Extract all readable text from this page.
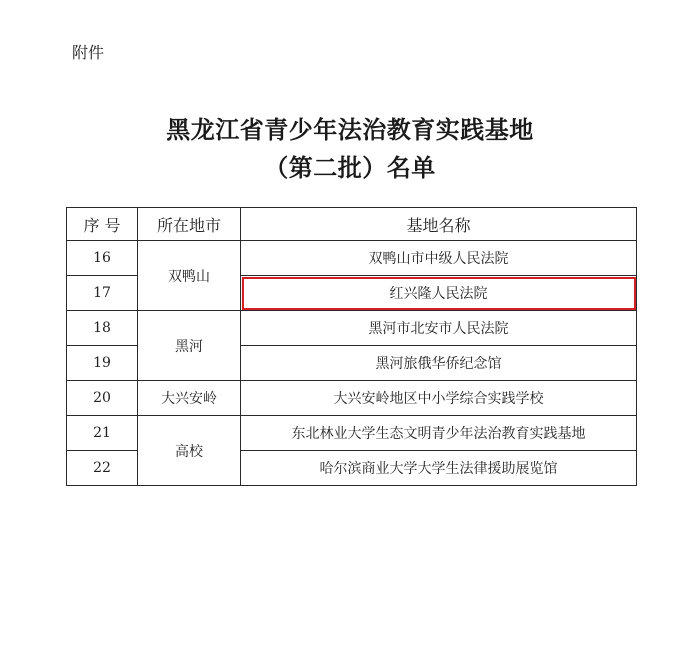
附件
黑龙江省青少年法治教育实践基地
（第二批）名单
序 号	所在地市	基地名称
16	双鸭山	双鸭山市中级人民法院
17		红兴隆人民法院
18	黑河	黑河市北安市人民法院
19		黑河旅俄华侨纪念馆
20	大兴安岭	大兴安岭地区中小学综合实践学校
21	高校	东北林业大学生态文明青少年法治教育实践基地
22		哈尔滨商业大学大学生法律援助展览馆
